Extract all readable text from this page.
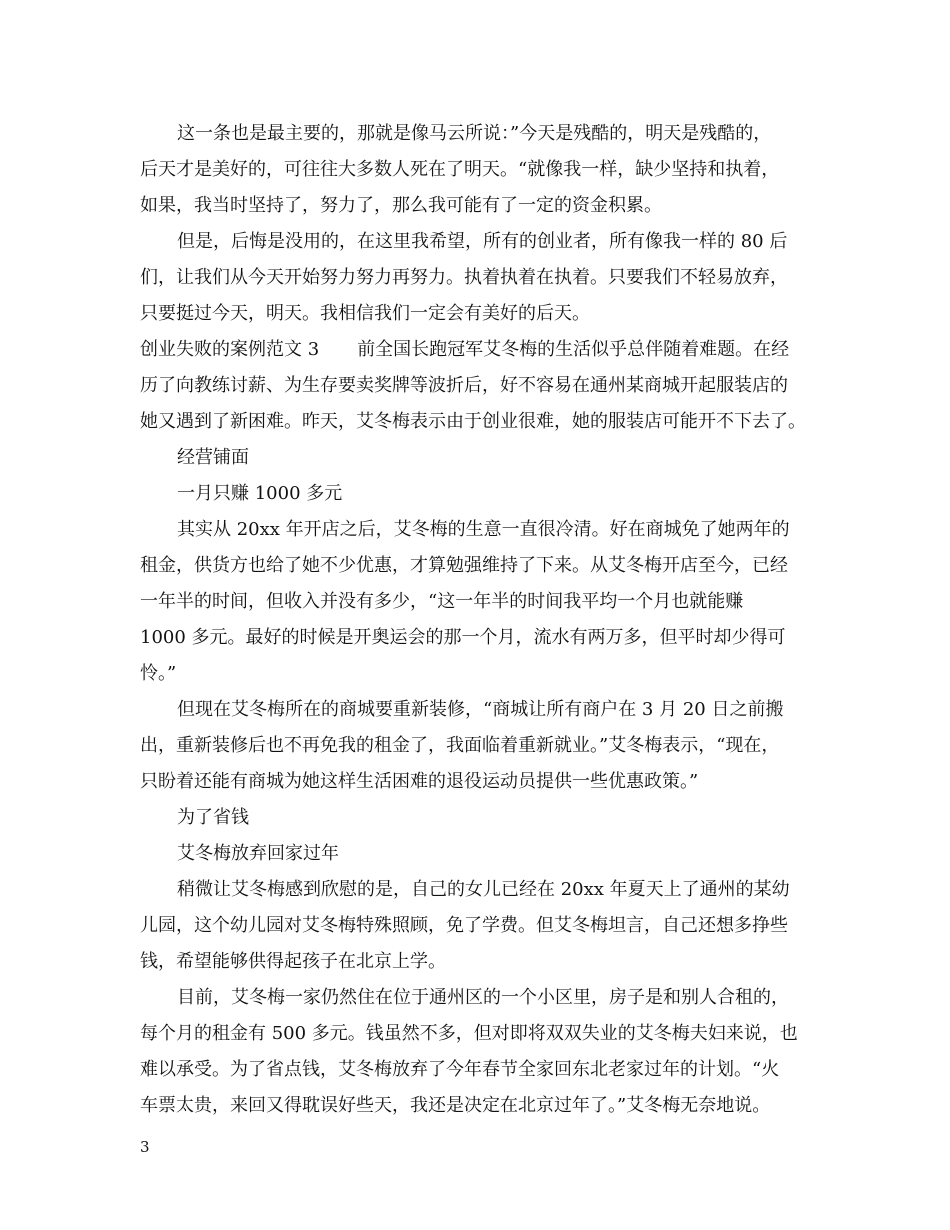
这一条也是最主要的，那就是像马云所说：”今天是残酷的，明天是残酷的，
后天才是美好的，可往往大多数人死在了明天。“就像我一样，缺少坚持和执着，
如果，我当时坚持了，努力了，那么我可能有了一定的资金积累。
但是，后悔是没用的，在这里我希望，所有的创业者，所有像我一样的 80 后
们，让我们从今天开始努力努力再努力。执着执着在执着。只要我们不轻易放弃，
只要挺过今天，明天。我相信我们一定会有美好的后天。
创业失败的案例范文 3 前全国长跑冠军艾冬梅的生活似乎总伴随着难题。在经
历了向教练讨薪、为生存要卖奖牌等波折后，好不容易在通州某商城开起服装店的
她又遇到了新困难。昨天，艾冬梅表示由于创业很难，她的服装店可能开不下去了。
经营铺面
一月只赚 1000 多元
其实从 20xx 年开店之后，艾冬梅的生意一直很冷清。好在商城免了她两年的
租金，供货方也给了她不少优惠，才算勉强维持了下来。从艾冬梅开店至今，已经
一年半的时间，但收入并没有多少，“这一年半的时间我平均一个月也就能赚
1000 多元。最好的时候是开奥运会的那一个月，流水有两万多，但平时却少得可
怜。”
但现在艾冬梅所在的商城要重新装修，“商城让所有商户在 3 月 20 日之前搬
出，重新装修后也不再免我的租金了，我面临着重新就业。”艾冬梅表示，“现在，
只盼着还能有商城为她这样生活困难的退役运动员提供一些优惠政策。”
为了省钱
艾冬梅放弃回家过年
稍微让艾冬梅感到欣慰的是，自己的女儿已经在 20xx 年夏天上了通州的某幼
儿园，这个幼儿园对艾冬梅特殊照顾，免了学费。但艾冬梅坦言，自己还想多挣些
钱，希望能够供得起孩子在北京上学。
目前，艾冬梅一家仍然住在位于通州区的一个小区里，房子是和别人合租的，
每个月的租金有 500 多元。钱虽然不多，但对即将双双失业的艾冬梅夫妇来说，也
难以承受。为了省点钱，艾冬梅放弃了今年春节全家回东北老家过年的计划。“火
车票太贵，来回又得耽误好些天，我还是决定在北京过年了。”艾冬梅无奈地说。
3
